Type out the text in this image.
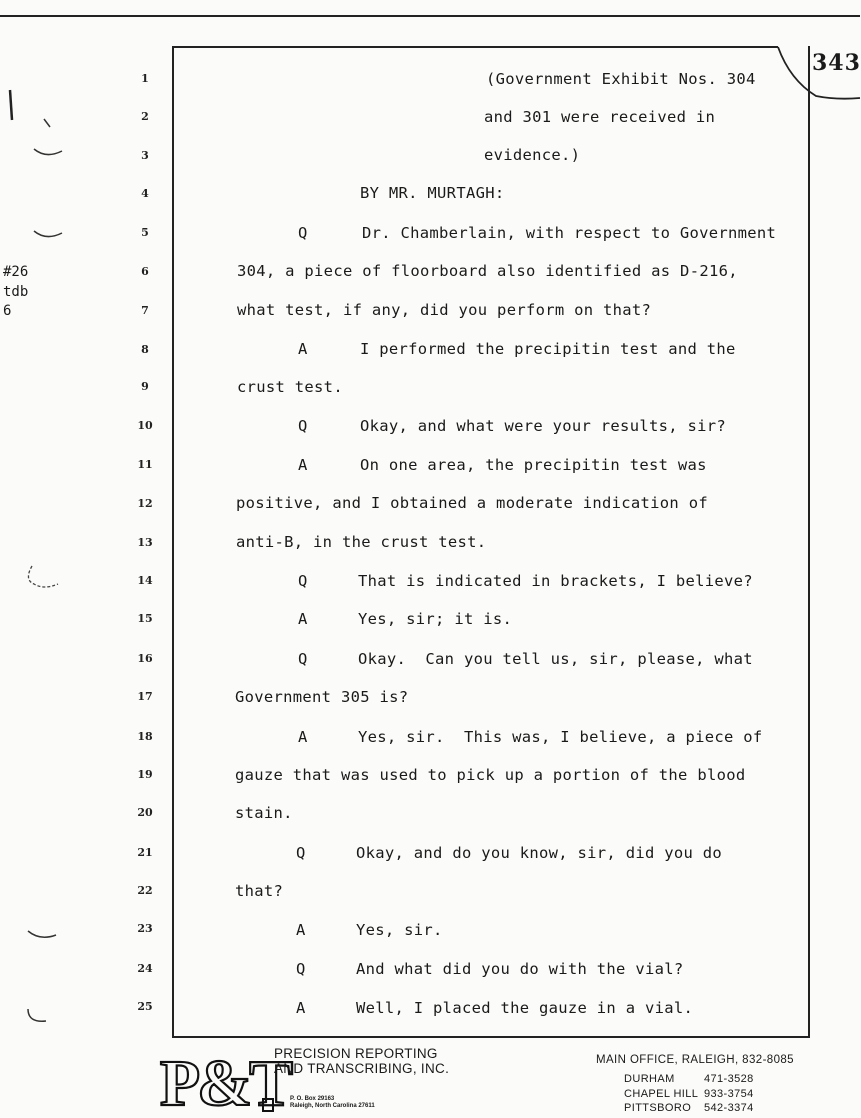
343
#26
tdb
6
1
2
3
4
5
6
7
8
9
10
11
12
13
14
15
16
17
18
19
20
21
22
23
24
25
Q
A
Q
A
Q
A
Q
A
Q
A
Q
A
(Government Exhibit Nos. 304
and 301 were received in
evidence.)
BY MR. MURTAGH:
Dr. Chamberlain, with respect to Government
304, a piece of floorboard also identified as D-216,
what test, if any, did you perform on that?
I performed the precipitin test and the
crust test.
Okay, and what were your results, sir?
On one area, the precipitin test was
positive, and I obtained a moderate indication of
anti-B, in the crust test.
That is indicated in brackets, I believe?
Yes, sir; it is.
Okay.  Can you tell us, sir, please, what
Government 305 is?
Yes, sir.  This was, I believe, a piece of
gauze that was used to pick up a portion of the blood
stain.
Okay, and do you know, sir, did you do
that?
Yes, sir.
And what did you do with the vial?
Well, I placed the gauze in a vial.
P&T
PRECISION REPORTING
AND TRANSCRIBING, INC.
P. O. Box 29163
Raleigh, North Carolina 27611
MAIN OFFICE, RALEIGH, 832-8085
DURHAM	471-3528
CHAPEL HILL 933-3754
PITTSBORO 542-3374
